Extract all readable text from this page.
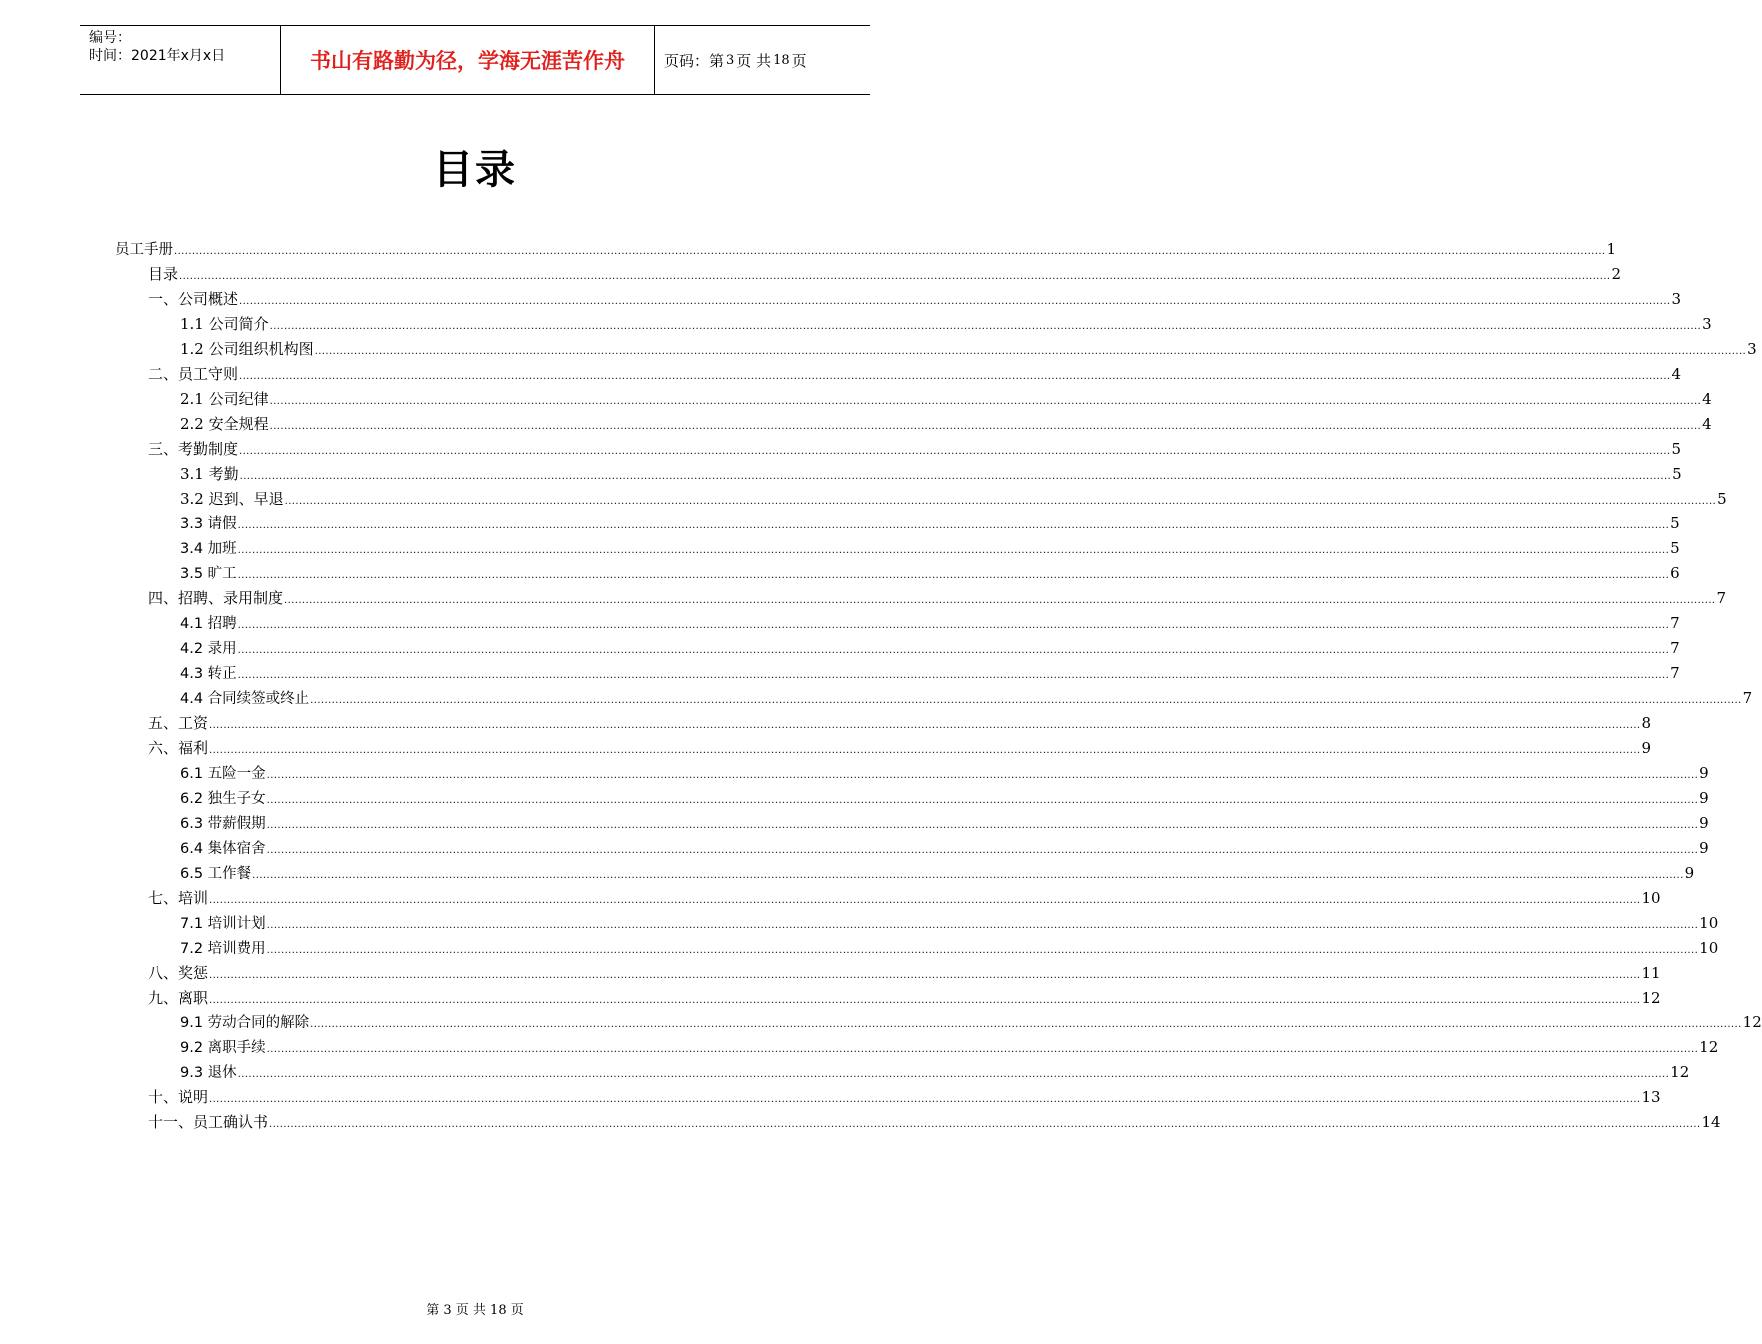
编号：
时间：2021年x月x日	书山有路勤为径，学海无涯苦作舟	页码：第 3 页 共 18 页
目录
员工手册 ................................................................................................................................................................................................................................................................................................................................................................................................................ 1
目录 ................................................................................................................................................................................................................................................................................................................................................................................................................ 2
一、公司概述 ................................................................................................................................................................................................................................................................................................................................................................................................................ 3
1.1 公司简介 ................................................................................................................................................................................................................................................................................................................................................................................................................ 3
1.2 公司组织机构图 ................................................................................................................................................................................................................................................................................................................................................................................................................ 3
二、员工守则 ................................................................................................................................................................................................................................................................................................................................................................................................................ 4
2.1 公司纪律 ................................................................................................................................................................................................................................................................................................................................................................................................................ 4
2.2 安全规程 ................................................................................................................................................................................................................................................................................................................................................................................................................ 4
三、考勤制度 ................................................................................................................................................................................................................................................................................................................................................................................................................ 5
3.1 考勤 ................................................................................................................................................................................................................................................................................................................................................................................................................ 5
3.2 迟到、早退 ................................................................................................................................................................................................................................................................................................................................................................................................................ 5
3.3 请假 ................................................................................................................................................................................................................................................................................................................................................................................................................ 5
3.4 加班 ................................................................................................................................................................................................................................................................................................................................................................................................................ 5
3.5 旷工 ................................................................................................................................................................................................................................................................................................................................................................................................................ 6
四、招聘、录用制度 ................................................................................................................................................................................................................................................................................................................................................................................................................ 7
4.1 招聘 ................................................................................................................................................................................................................................................................................................................................................................................................................ 7
4.2 录用 ................................................................................................................................................................................................................................................................................................................................................................................................................ 7
4.3 转正 ................................................................................................................................................................................................................................................................................................................................................................................................................ 7
4.4 合同续签或终止 ................................................................................................................................................................................................................................................................................................................................................................................................................ 7
五、工资 ................................................................................................................................................................................................................................................................................................................................................................................................................ 8
六、福利 ................................................................................................................................................................................................................................................................................................................................................................................................................ 9
6.1 五险一金 ................................................................................................................................................................................................................................................................................................................................................................................................................ 9
6.2 独生子女 ................................................................................................................................................................................................................................................................................................................................................................................................................ 9
6.3 带薪假期 ................................................................................................................................................................................................................................................................................................................................................................................................................ 9
6.4 集体宿舍 ................................................................................................................................................................................................................................................................................................................................................................................................................ 9
6.5 工作餐 ................................................................................................................................................................................................................................................................................................................................................................................................................ 9
七、培训 ................................................................................................................................................................................................................................................................................................................................................................................................................ 10
7.1 培训计划 ................................................................................................................................................................................................................................................................................................................................................................................................................ 10
7.2 培训费用 ................................................................................................................................................................................................................................................................................................................................................................................................................ 10
八、奖惩 ................................................................................................................................................................................................................................................................................................................................................................................................................ 11
九、离职 ................................................................................................................................................................................................................................................................................................................................................................................................................ 12
9.1 劳动合同的解除 ................................................................................................................................................................................................................................................................................................................................................................................................................ 12
9.2 离职手续 ................................................................................................................................................................................................................................................................................................................................................................................................................ 12
9.3 退休 ................................................................................................................................................................................................................................................................................................................................................................................................................ 12
十、说明 ................................................................................................................................................................................................................................................................................................................................................................................................................ 13
十一、员工确认书 ................................................................................................................................................................................................................................................................................................................................................................................................................ 14
第 3 页 共 18 页
